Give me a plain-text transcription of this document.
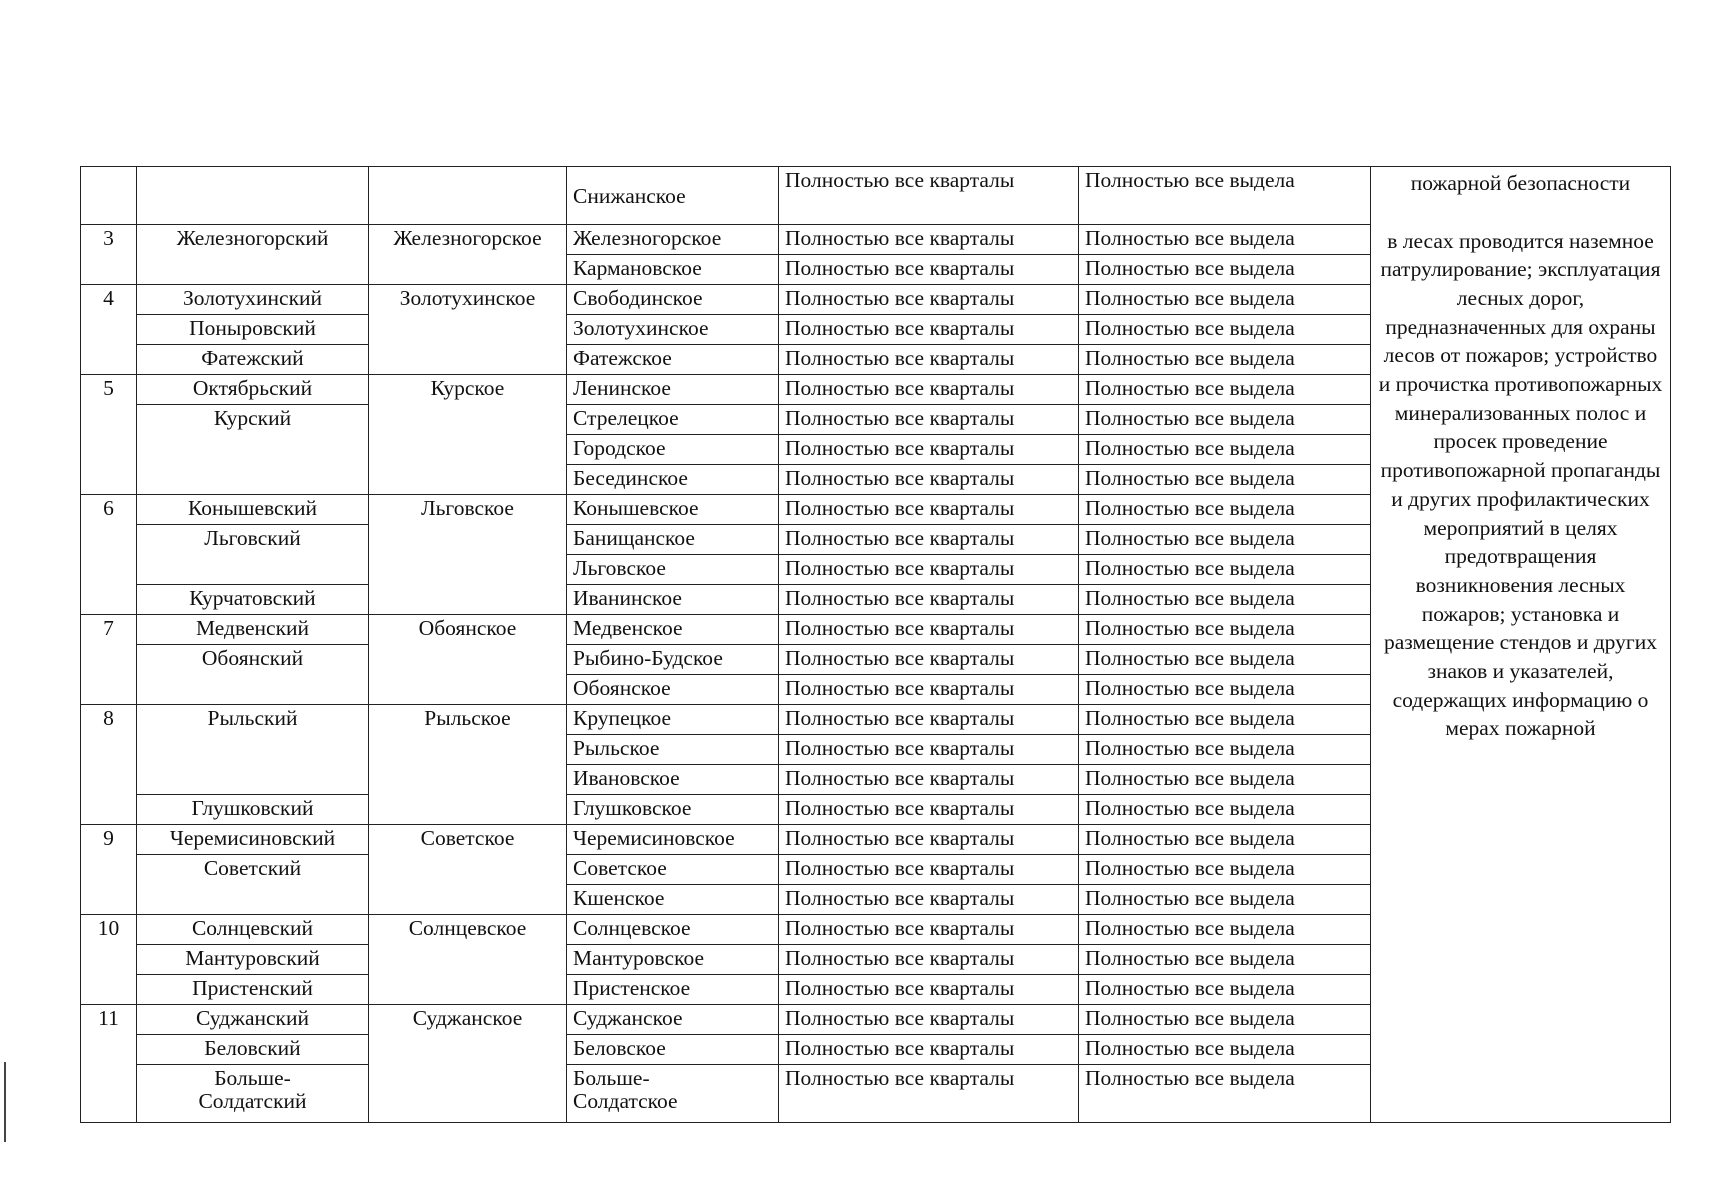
			Снижанское	Полностью все кварталы	Полностью все выдела	пожарной безопасности
3	Железногорский	Железногорское	Железногорское	Полностью все кварталы	Полностью все выдела	в лесах проводится наземное патрулирование; эксплуатация лесных дорог, предназначенных для охраны лесов от пожаров; устройство и прочистка противопожарных минерализованных полос и просек проведение противопожарной пропаганды и других профилактических мероприятий в целях предотвращения возникновения лесных пожаров; установка и размещение стендов и других знаков и указателей, содержащих информацию о мерах пожарной
			Кармановское	Полностью все кварталы	Полностью все выдела	
4	Золотухинский	Золотухинское	Свободинское	Полностью все кварталы	Полностью все выдела	
	Поныровский		Золотухинское	Полностью все кварталы	Полностью все выдела	
	Фатежский		Фатежское	Полностью все кварталы	Полностью все выдела	
5	Октябрьский	Курское	Ленинское	Полностью все кварталы	Полностью все выдела	
	Курский		Стрелецкое	Полностью все кварталы	Полностью все выдела	
			Городское	Полностью все кварталы	Полностью все выдела	
			Бесединское	Полностью все кварталы	Полностью все выдела	
6	Конышевский	Льговское	Конышевское	Полностью все кварталы	Полностью все выдела	
	Льговский		Банищанское	Полностью все кварталы	Полностью все выдела	
			Льговское	Полностью все кварталы	Полностью все выдела	
	Курчатовский		Иванинское	Полностью все кварталы	Полностью все выдела	
7	Медвенский	Обоянское	Медвенское	Полностью все кварталы	Полностью все выдела	
	Обоянский		Рыбино-Будское	Полностью все кварталы	Полностью все выдела	
			Обоянское	Полностью все кварталы	Полностью все выдела	
8	Рыльский	Рыльское	Крупецкое	Полностью все кварталы	Полностью все выдела	
			Рыльское	Полностью все кварталы	Полностью все выдела	
			Ивановское	Полностью все кварталы	Полностью все выдела	
	Глушковский		Глушковское	Полностью все кварталы	Полностью все выдела	
9	Черемисиновский	Советское	Черемисиновское	Полностью все кварталы	Полностью все выдела	
	Советский		Советское	Полностью все кварталы	Полностью все выдела	
			Кшенское	Полностью все кварталы	Полностью все выдела	
10	Солнцевский	Солнцевское	Солнцевское	Полностью все кварталы	Полностью все выдела	
	Мантуровский		Мантуровское	Полностью все кварталы	Полностью все выдела	
	Пристенский		Пристенское	Полностью все кварталы	Полностью все выдела	
11	Суджанский	Суджанское	Суджанское	Полностью все кварталы	Полностью все выдела	
	Беловский		Беловское	Полностью все кварталы	Полностью все выдела	
	Больше-Солдатский		Больше-Солдатское	Полностью все кварталы	Полностью все выдела	
